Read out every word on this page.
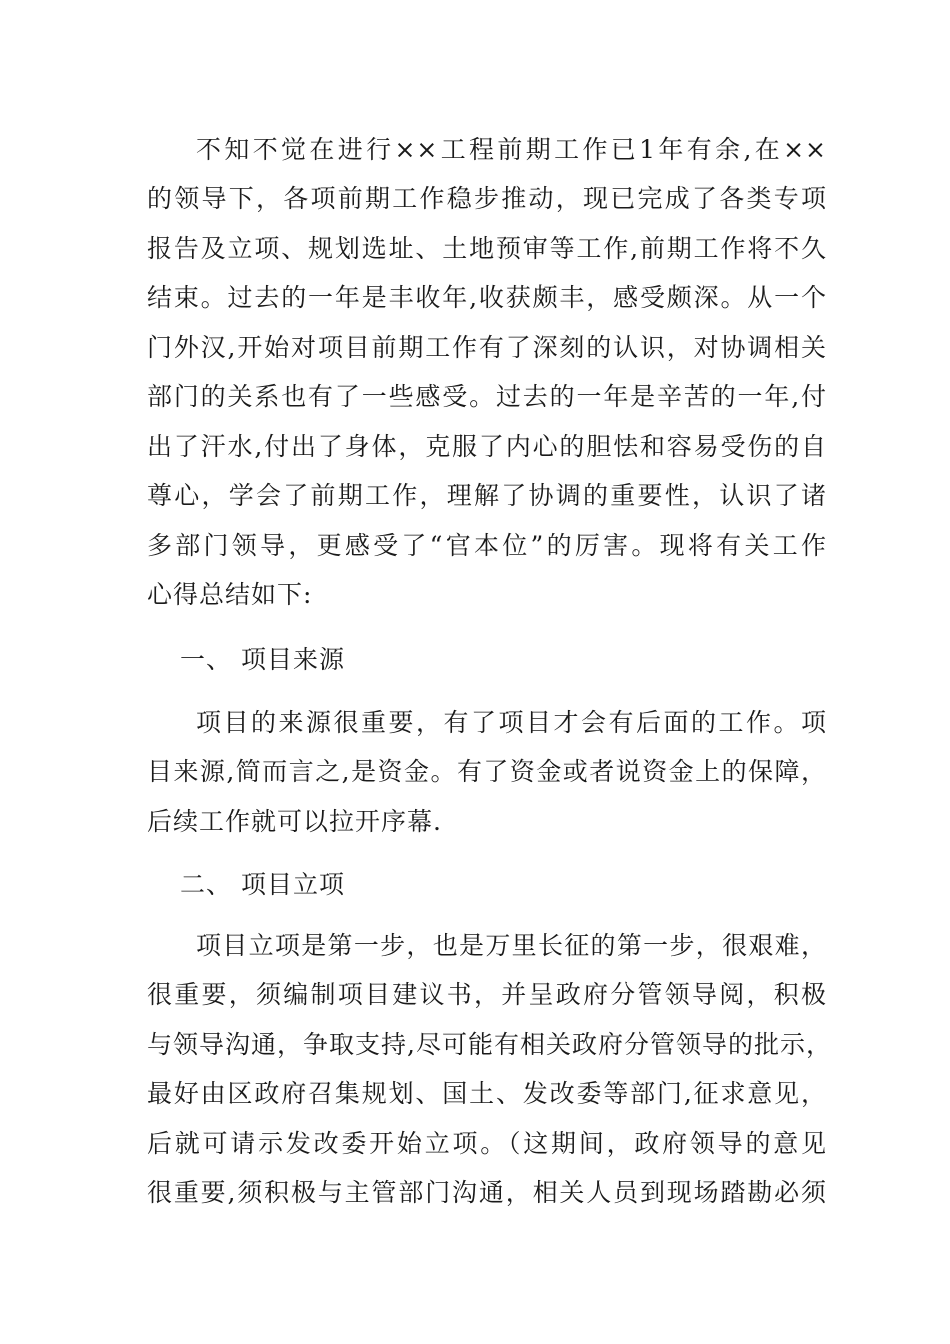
不知不觉在进行××工程前期工作已1年有余,在××
的领导下，各项前期工作稳步推动，现已完成了各类专项
报告及立项、规划选址、土地预审等工作,前期工作将不久
结束。过去的一年是丰收年,收获颇丰，感受颇深。从一个
门外汉,开始对项目前期工作有了深刻的认识，对协调相关
部门的关系也有了一些感受。过去的一年是辛苦的一年,付
出了汗水,付出了身体，克服了内心的胆怯和容易受伤的自
尊心，学会了前期工作，理解了协调的重要性，认识了诸
多部门领导，更感受了“官本位”的厉害。现将有关工作
心得总结如下:
一、 项目来源
项目的来源很重要，有了项目才会有后面的工作。项
目来源,简而言之,是资金。有了资金或者说资金上的保障，
后续工作就可以拉开序幕.
二、 项目立项
项目立项是第一步，也是万里长征的第一步，很艰难，
很重要，须编制项目建议书，并呈政府分管领导阅，积极
与领导沟通，争取支持,尽可能有相关政府分管领导的批示，
最好由区政府召集规划、国土、发改委等部门,征求意见，
后就可请示发改委开始立项。（这期间，政府领导的意见
很重要,须积极与主管部门沟通，相关人员到现场踏勘必须
